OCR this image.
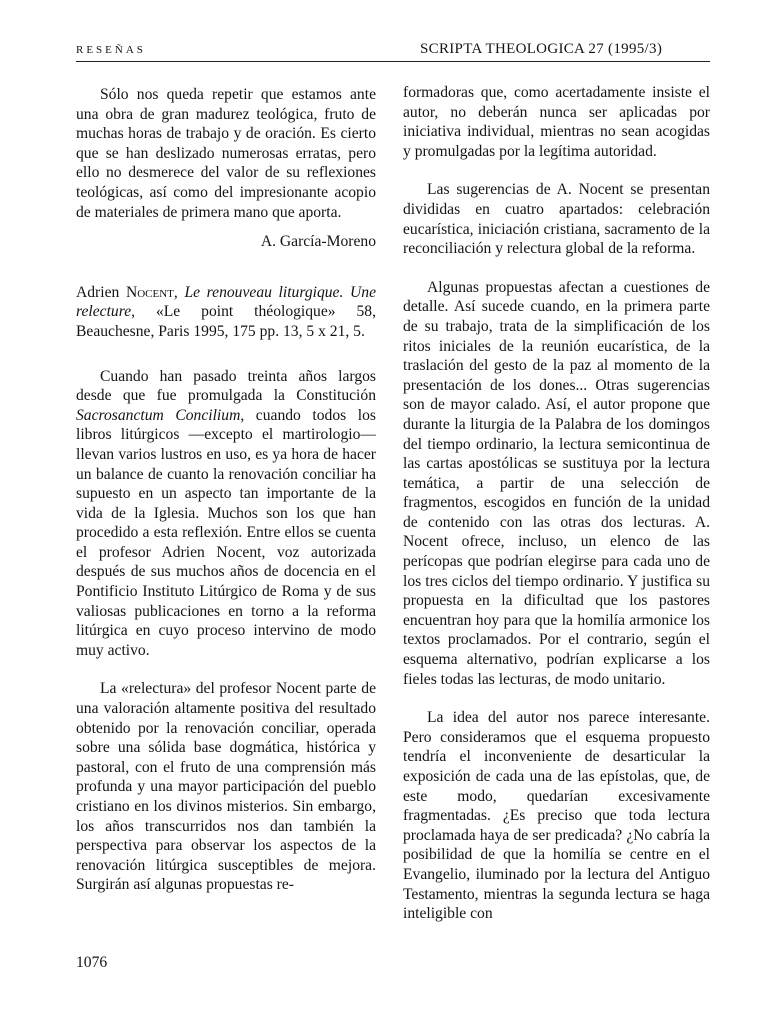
RESEÑAS	SCRIPTA THEOLOGICA 27 (1995/3)

Sólo nos queda repetir que estamos ante una obra de gran madurez teológica, fruto de muchas horas de trabajo y de oración. Es cierto que se han deslizado numerosas erratas, pero ello no desmerece del valor de su reflexiones teológicas, así como del impresionante acopio de materiales de primera mano que aporta.

A. García-Moreno

Adrien Nocent, Le renouveau liturgique. Une relecture, «Le point théologique» 58, Beauchesne, Paris 1995, 175 pp. 13, 5 x 21, 5.

Cuando han pasado treinta años largos desde que fue promulgada la Constitución Sacrosanctum Concilium, cuando todos los libros litúrgicos —excepto el martirologio— llevan varios lustros en uso, es ya hora de hacer un balance de cuanto la renovación conciliar ha supuesto en un aspecto tan importante de la vida de la Iglesia. Muchos son los que han procedido a esta reflexión. Entre ellos se cuenta el profesor Adrien Nocent, voz autorizada después de sus muchos años de docencia en el Pontificio Instituto Litúrgico de Roma y de sus valiosas publicaciones en torno a la reforma litúrgica en cuyo proceso intervino de modo muy activo.

La «relectura» del profesor Nocent parte de una valoración altamente positiva del resultado obtenido por la renovación conciliar, operada sobre una sólida base dogmática, histórica y pastoral, con el fruto de una comprensión más profunda y una mayor participación del pueblo cristiano en los divinos misterios. Sin embargo, los años transcurridos nos dan también la perspectiva para observar los aspectos de la renovación litúrgica susceptibles de mejora. Surgirán así algunas propuestas re-

formadoras que, como acertadamente insiste el autor, no deberán nunca ser aplicadas por iniciativa individual, mientras no sean acogidas y promulgadas por la legítima autoridad.

Las sugerencias de A. Nocent se presentan divididas en cuatro apartados: celebración eucarística, iniciación cristiana, sacramento de la reconciliación y relectura global de la reforma.

Algunas propuestas afectan a cuestiones de detalle. Así sucede cuando, en la primera parte de su trabajo, trata de la simplificación de los ritos iniciales de la reunión eucarística, de la traslación del gesto de la paz al momento de la presentación de los dones... Otras sugerencias son de mayor calado. Así, el autor propone que durante la liturgia de la Palabra de los domingos del tiempo ordinario, la lectura semicontinua de las cartas apostólicas se sustituya por la lectura temática, a partir de una selección de fragmentos, escogidos en función de la unidad de contenido con las otras dos lecturas. A. Nocent ofrece, incluso, un elenco de las perícopas que podrían elegirse para cada uno de los tres ciclos del tiempo ordinario. Y justifica su propuesta en la dificultad que los pastores encuentran hoy para que la homilía armonice los textos proclamados. Por el contrario, según el esquema alternativo, podrían explicarse a los fieles todas las lecturas, de modo unitario.

La idea del autor nos parece interesante. Pero consideramos que el esquema propuesto tendría el inconveniente de desarticular la exposición de cada una de las epístolas, que, de este modo, quedarían excesivamente fragmentadas. ¿Es preciso que toda lectura proclamada haya de ser predicada? ¿No cabría la posibilidad de que la homilía se centre en el Evangelio, iluminado por la lectura del Antiguo Testamento, mientras la segunda lectura se haga inteligible con

1076
